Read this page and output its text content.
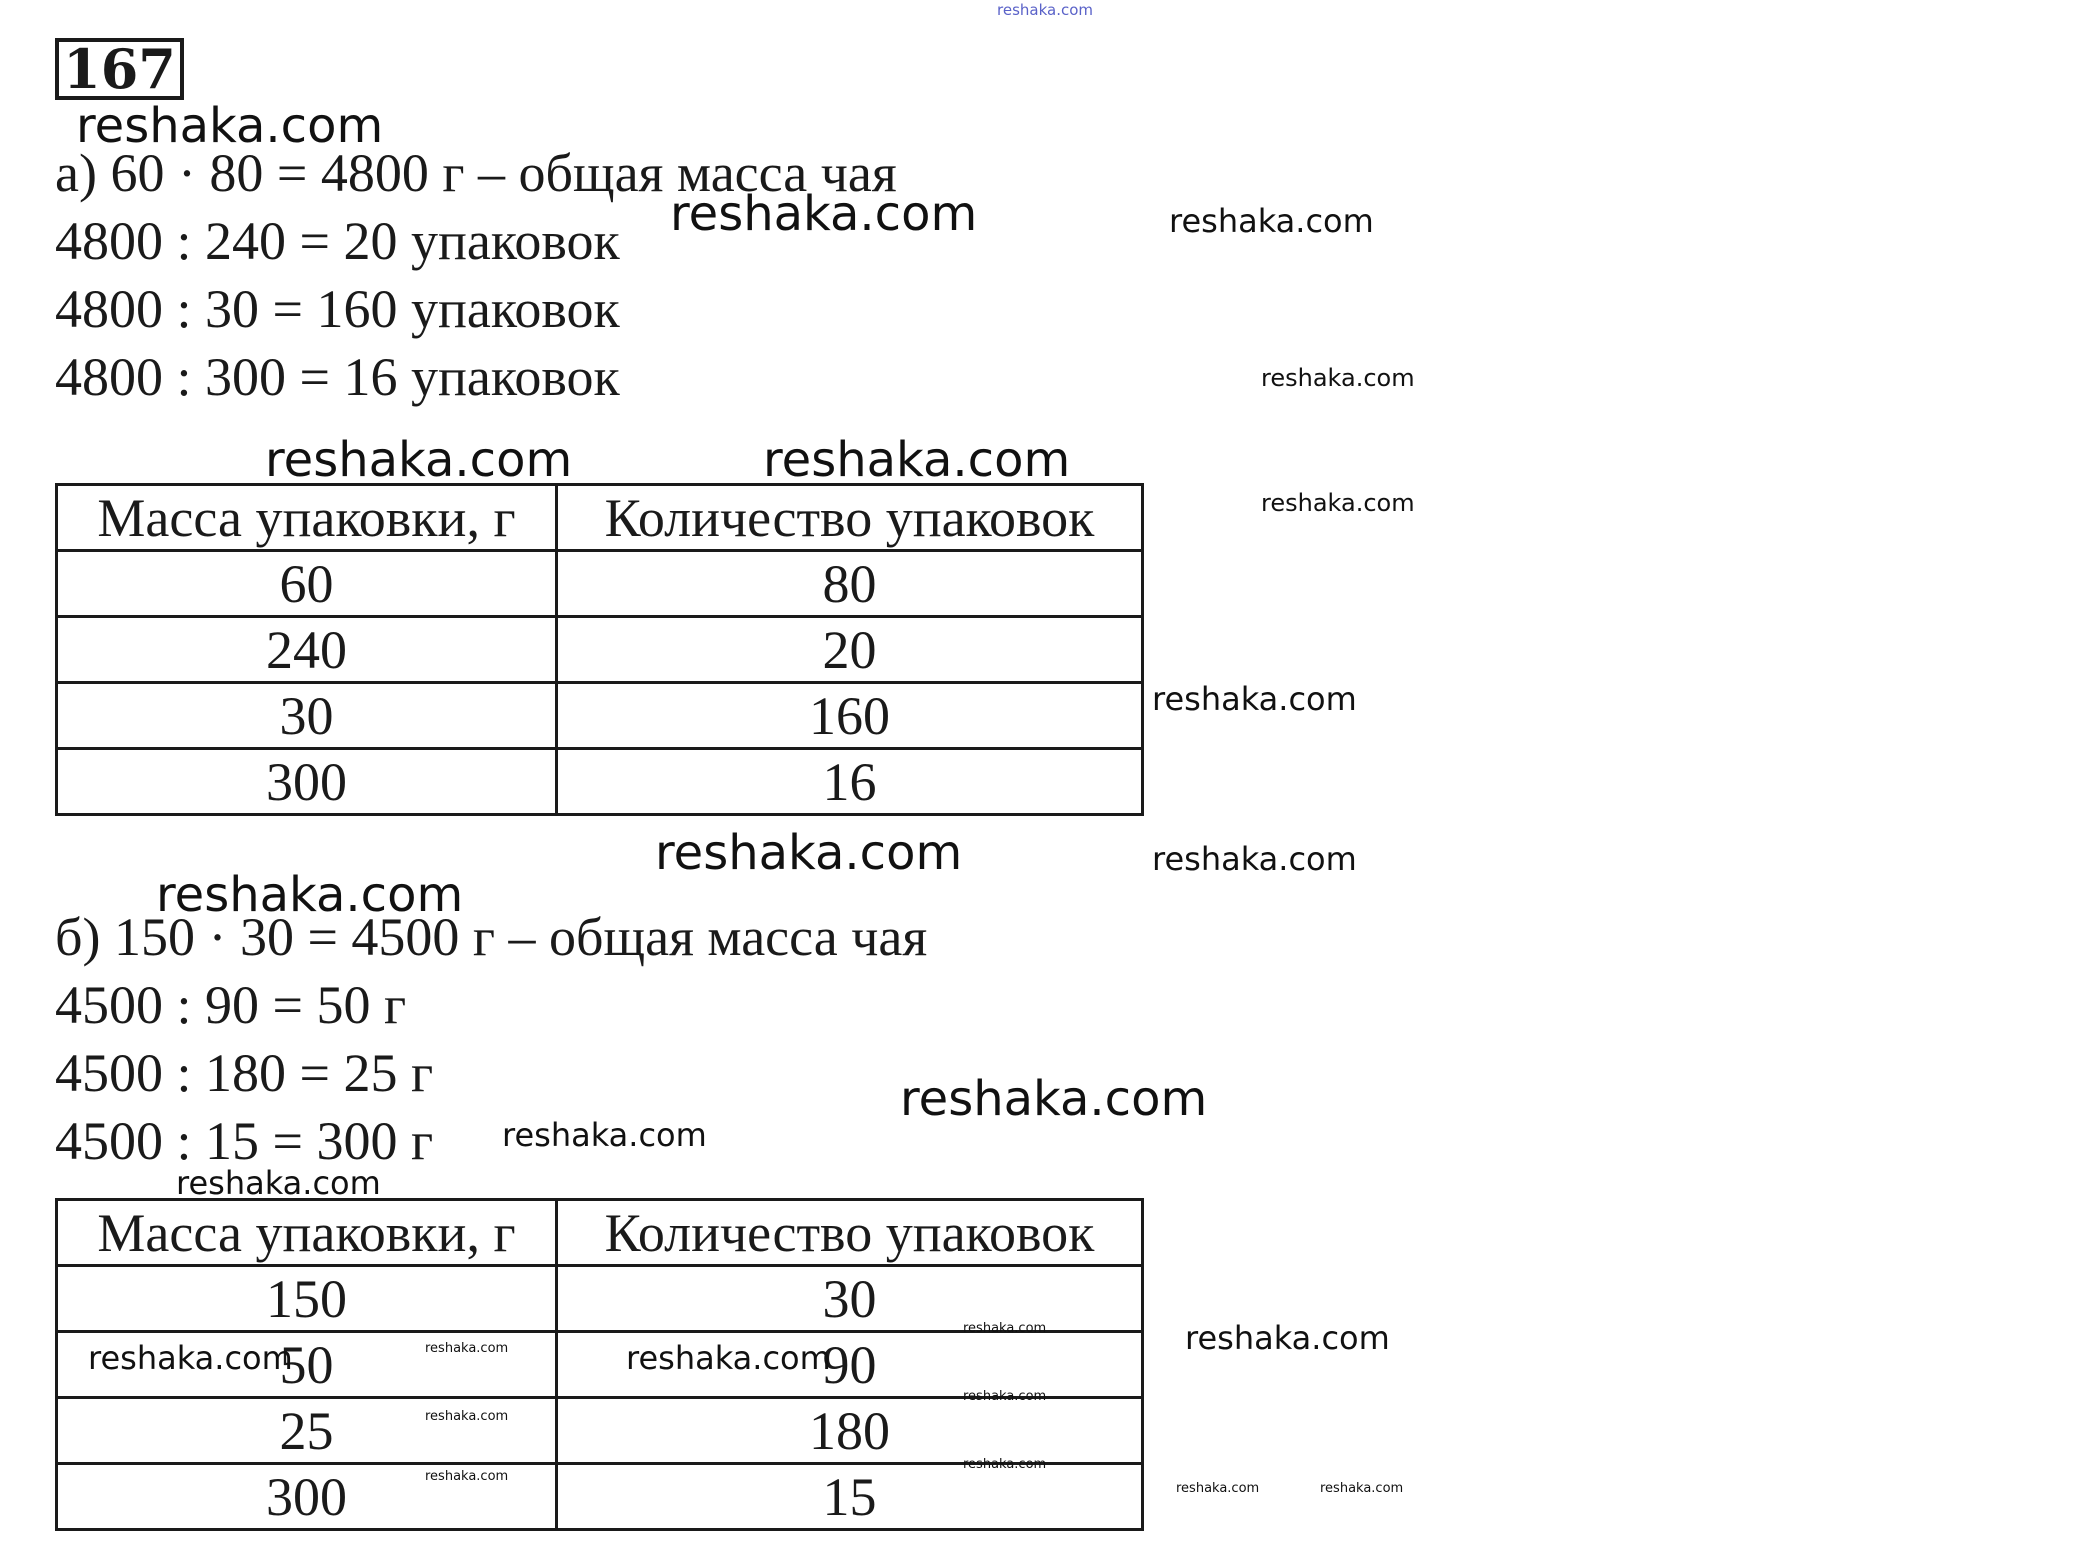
167
а) 60 · 80 = 4800 г – общая масса чая
4800 : 240 = 20 упаковок
4800 : 30 = 160 упаковок
4800 : 300 = 16 упаковок
Масса упаковки, г	Количество упаковок
60	80
240	20
30	160
300	16
б) 150 · 30 = 4500 г – общая масса чая
4500 : 90 = 50 г
4500 : 180 = 25 г
4500 : 15 = 300 г
Масса упаковки, г	Количество упаковок
150	30
50	90
25	180
300	15
reshaka.com
reshaka.com
reshaka.com	reshaka.com
reshaka.com
reshaka.com	reshaka.com
reshaka.com
reshaka.com
reshaka.com	reshaka.com
reshaka.com
reshaka.com
reshaka.com
reshaka.com
reshaka.com
reshaka.com
reshaka.com	reshaka.com
reshaka.com
reshaka.com
reshaka.com
reshaka.com
reshaka.com
reshaka.com	reshaka.com
